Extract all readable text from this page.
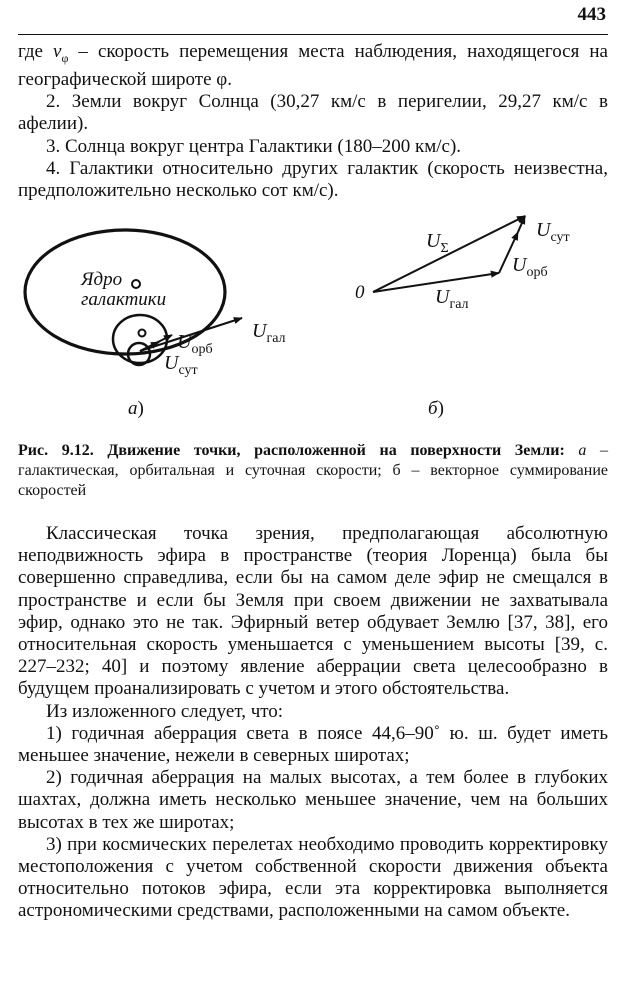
443

где $v_\varphi$ – скорость перемещения места наблюдения, находящегося на географической широте φ.

2. Земли вокруг Солнца (30,27 км/с в перигелии, 29,27 км/с в афелии).

3. Солнца вокруг центра Галактики (180–200 км/с).

4. Галактики относительно других галактик (скорость неизвестна, предположительно несколько сот км/с).

Ядро
галактики
$U_{орб}$
$U_{гал}$
$U_{сут}$
а)
0
$U_\Sigma$
$U_{сут}$
$U_{орб}$
$U_{гал}$
б)
Рис. 9.12. Движение точки, расположенной на поверхности Земли: а – галактическая, орбитальная и суточная скорости; б – векторное суммирование скоростей

Классическая точка зрения, предполагающая абсолютную неподвижность эфира в пространстве (теория Лоренца) была бы совершенно справедлива, если бы на самом деле эфир не смещался в пространстве и если бы Земля при своем движении не захватывала эфир, однако это не так. Эфирный ветер обдувает Землю [37, 38], его относительная скорость уменьшается с уменьшением высоты [39, с. 227–232; 40] и поэтому явление аберрации света целесообразно в будущем проанализировать с учетом и этого обстоятельства.

Из изложенного следует, что:

1) годичная аберрация света в поясе 44,6–90˚ ю. ш. будет иметь меньшее значение, нежели в северных широтах;

2) годичная аберрация на малых высотах, а тем более в глубоких шахтах, должна иметь несколько меньшее значение, чем на больших высотах в тех же широтах;

3) при космических перелетах необходимо проводить корректировку местоположения с учетом собственной скорости движения объекта относительно потоков эфира, если эта корректировка выполняется астрономическими средствами, расположенными на самом объекте.
